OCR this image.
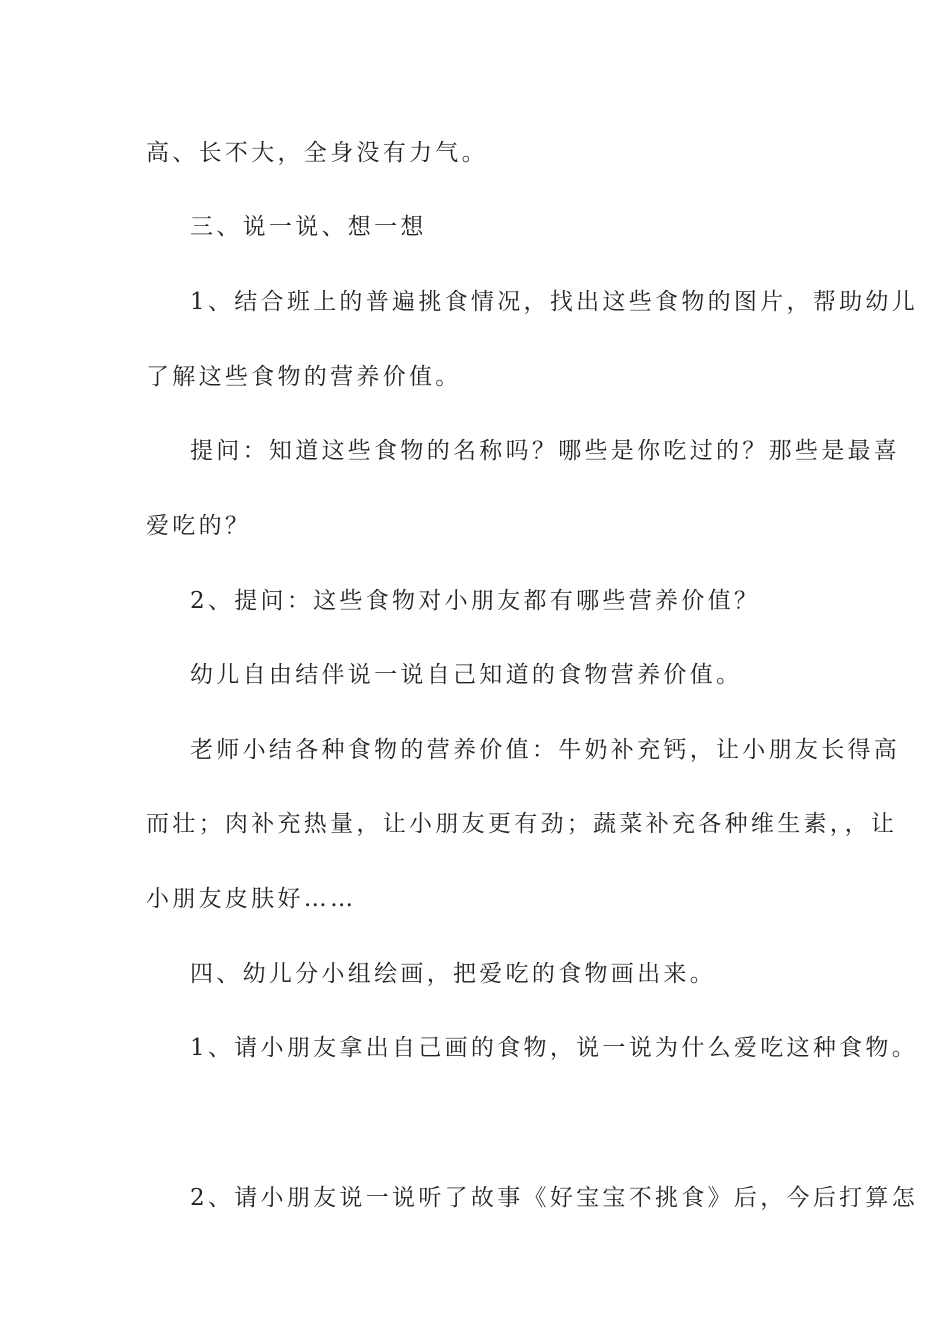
高、长不大，全身没有力气。
三、说一说、想一想
1、结合班上的普遍挑食情况，找出这些食物的图片，帮助幼儿
了解这些食物的营养价值。
提问：知道这些食物的名称吗？哪些是你吃过的？那些是最喜
爱吃的？
2、提问：这些食物对小朋友都有哪些营养价值？
幼儿自由结伴说一说自己知道的食物营养价值。
老师小结各种食物的营养价值：牛奶补充钙，让小朋友长得高
而壮；肉补充热量，让小朋友更有劲；蔬菜补充各种维生素，，让
小朋友皮肤好……
四、幼儿分小组绘画，把爱吃的食物画出来。
1、请小朋友拿出自己画的食物，说一说为什么爱吃这种食物。
2、请小朋友说一说听了故事《好宝宝不挑食》后，今后打算怎
